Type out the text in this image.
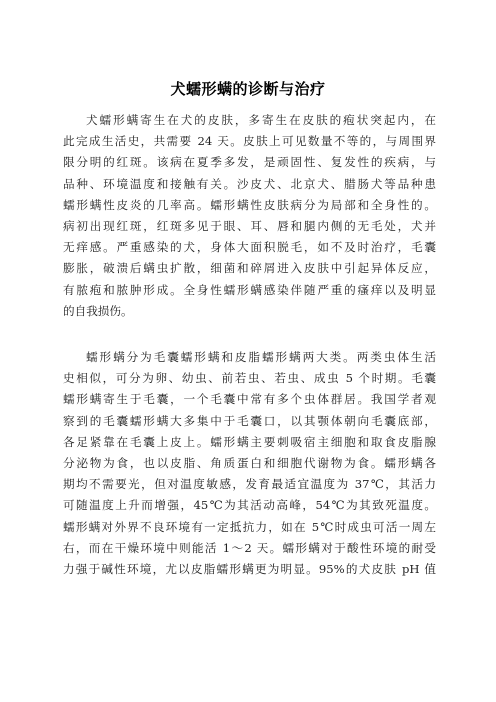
犬蠕形螨的诊断与治疗
犬蠕形螨寄生在犬的皮肤，多寄生在皮肤的疱状突起内，在
此完成生活史，共需要 24 天。皮肤上可见数量不等的，与周围界
限分明的红斑。该病在夏季多发，是顽固性、复发性的疾病，与
品种、环境温度和接触有关。沙皮犬、北京犬、腊肠犬等品种患
蠕形螨性皮炎的几率高。蠕形螨性皮肤病分为局部和全身性的。
病初出现红斑，红斑多见于眼、耳、唇和腿内侧的无毛处，犬并
无痒感。严重感染的犬，身体大面积脱毛，如不及时治疗，毛囊
膨胀，破溃后螨虫扩散，细菌和碎屑进入皮肤中引起异体反应，
有脓疱和脓肿形成。全身性蠕形螨感染伴随严重的瘙痒以及明显
的自我损伤。
蠕形螨分为毛囊蠕形螨和皮脂蠕形螨两大类。两类虫体生活
史相似，可分为卵、幼虫、前若虫、若虫、成虫 5 个时期。毛囊
蠕形螨寄生于毛囊，一个毛囊中常有多个虫体群居。我国学者观
察到的毛囊蠕形螨大多集中于毛囊口，以其颚体朝向毛囊底部，
各足紧靠在毛囊上皮上。蠕形螨主要刺吸宿主细胞和取食皮脂腺
分泌物为食，也以皮脂、角质蛋白和细胞代谢物为食。蠕形螨各
期均不需要光，但对温度敏感，发育最适宜温度为 37℃，其活力
可随温度上升而增强，45℃为其活动高峰，54℃为其致死温度。
蠕形螨对外界不良环境有一定抵抗力，如在 5℃时成虫可活一周左
右，而在干燥环境中则能活 1～2 天。蠕形螨对于酸性环境的耐受
力强于碱性环境，尤以皮脂蠕形螨更为明显。95%的犬皮肤 pH 值
